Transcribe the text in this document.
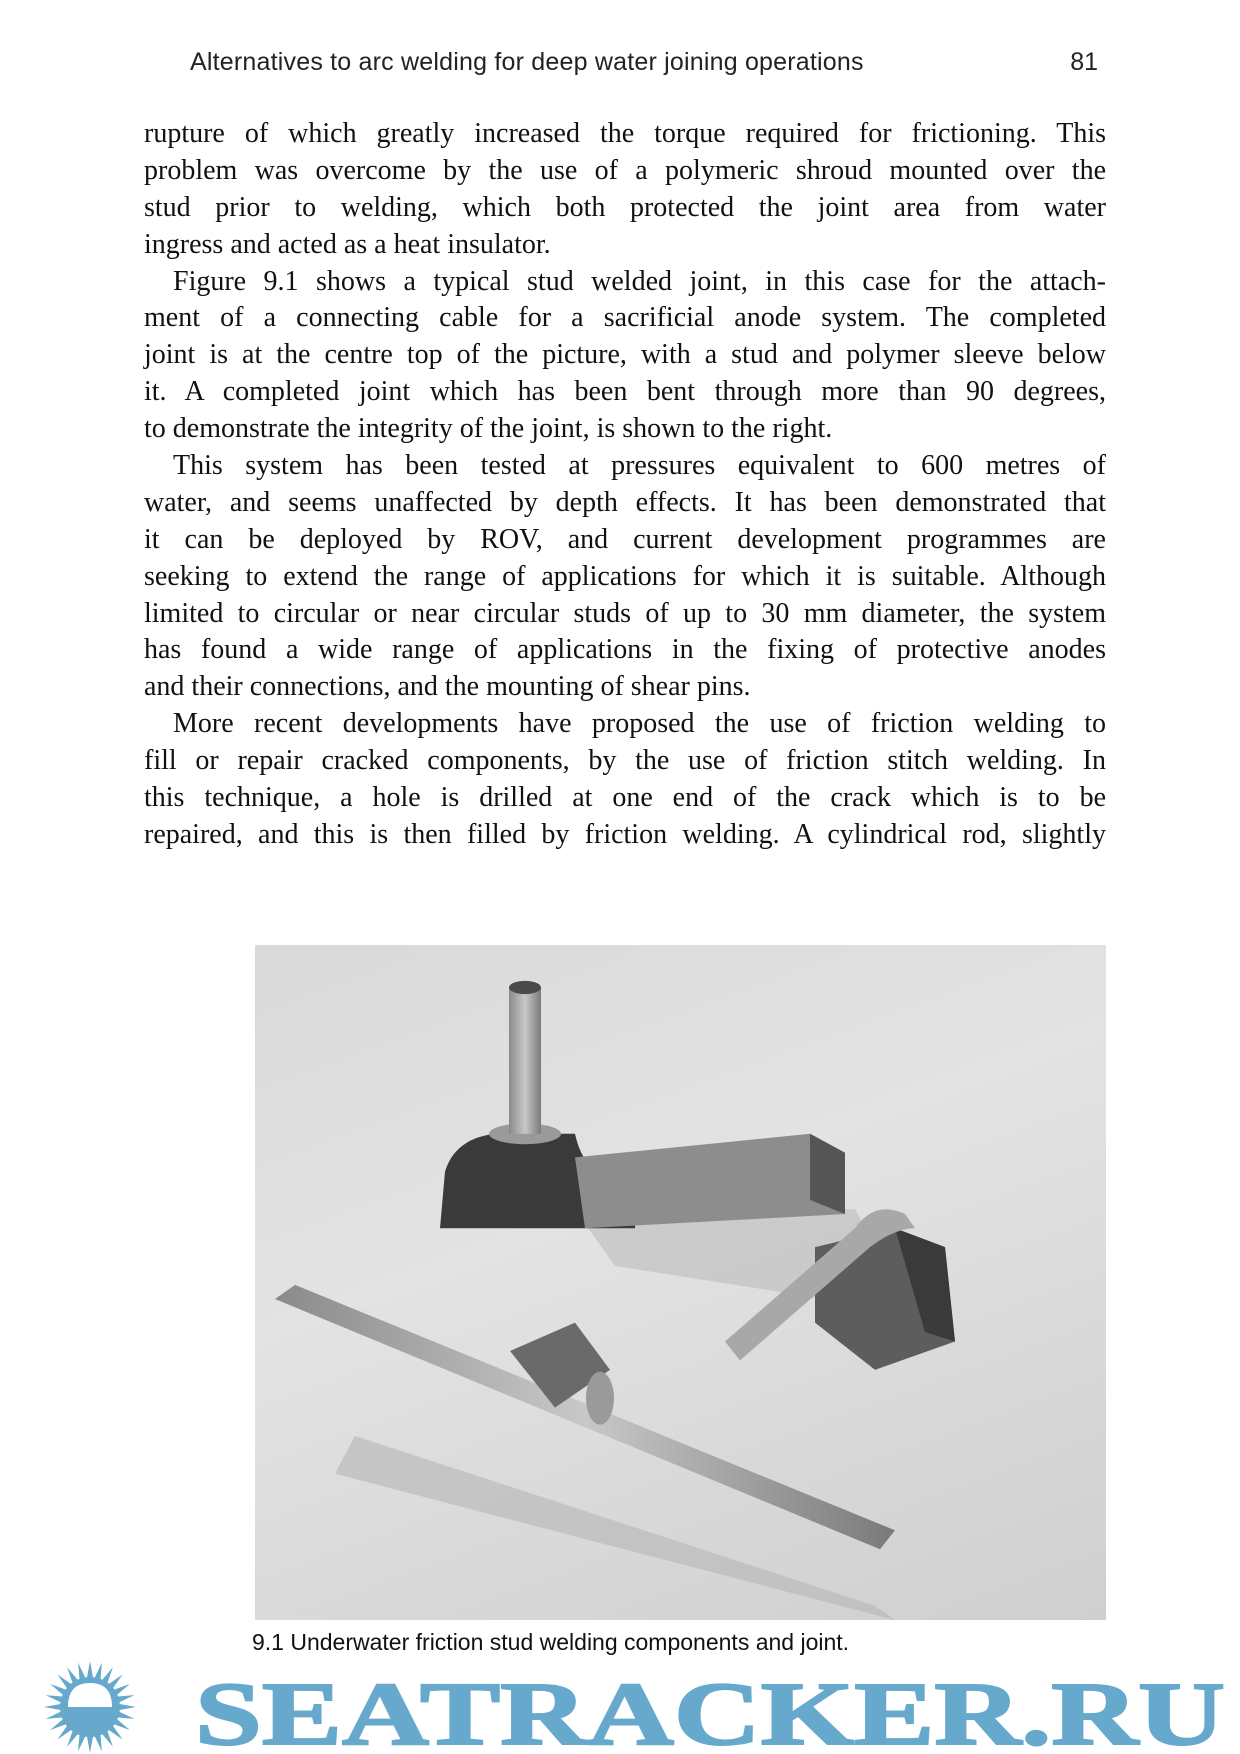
Alternatives to arc welding for deep water joining operations	81
rupture of which greatly increased the torque required for frictioning. This
problem was overcome by the use of a polymeric shroud mounted over the
stud prior to welding, which both protected the joint area from water
ingress and acted as a heat insulator.
Figure 9.1 shows a typical stud welded joint, in this case for the attach-
ment of a connecting cable for a sacrificial anode system. The completed
joint is at the centre top of the picture, with a stud and polymer sleeve below
it. A completed joint which has been bent through more than 90 degrees,
to demonstrate the integrity of the joint, is shown to the right.
This system has been tested at pressures equivalent to 600 metres of
water, and seems unaffected by depth effects. It has been demonstrated that
it can be deployed by ROV, and current development programmes are
seeking to extend the range of applications for which it is suitable. Although
limited to circular or near circular studs of up to 30 mm diameter, the system
has found a wide range of applications in the fixing of protective anodes
and their connections, and the mounting of shear pins.
More recent developments have proposed the use of friction welding to
fill or repair cracked components, by the use of friction stitch welding. In
this technique, a hole is drilled at one end of the crack which is to be
repaired, and this is then filled by friction welding. A cylindrical rod, slightly
9.1 Underwater friction stud welding components and joint.
SEATRACKER.RU
